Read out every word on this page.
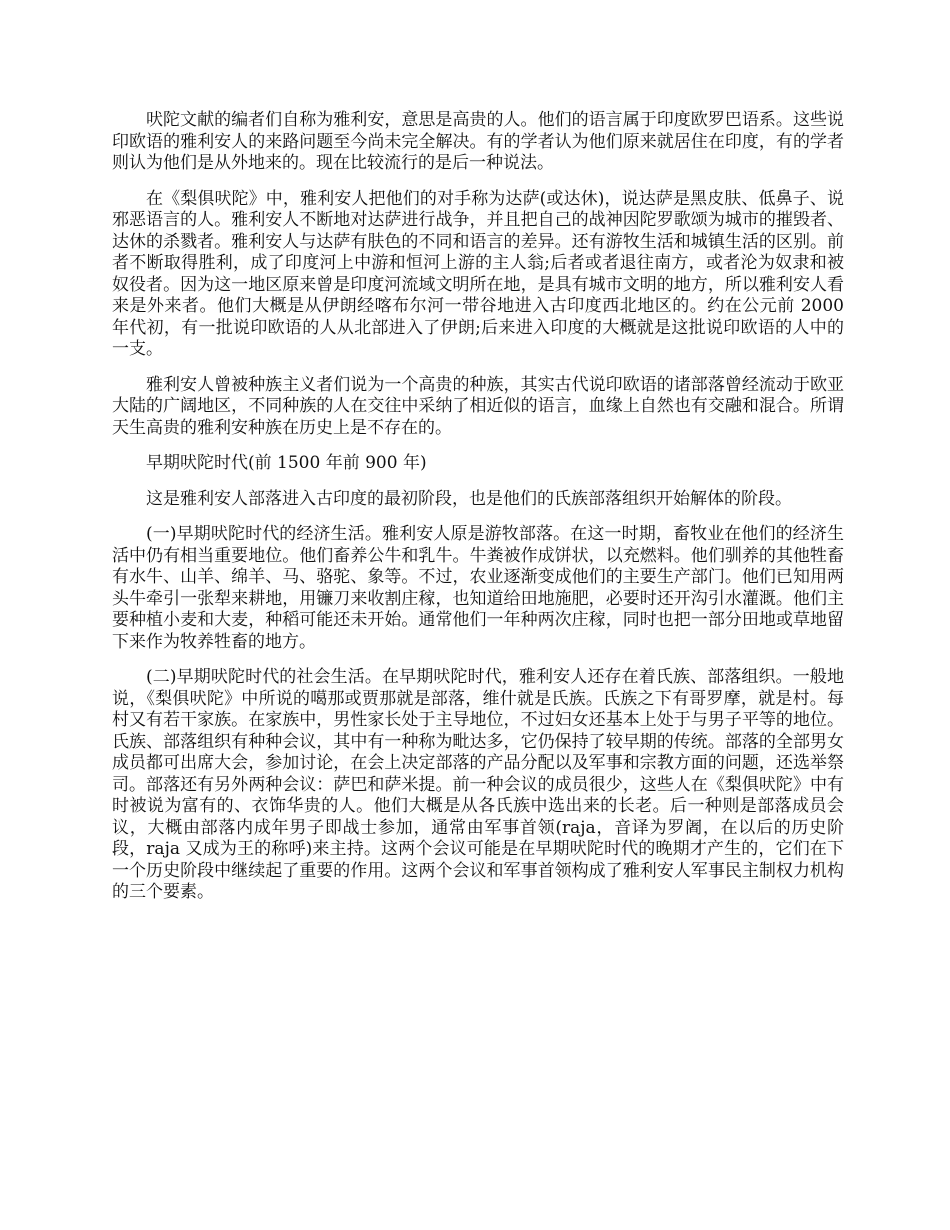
吠陀文献的编者们自称为雅利安，意思是高贵的人。他们的语言属于印度欧罗巴语系。这些说印欧语的雅利安人的来路问题至今尚未完全解决。有的学者认为他们原来就居住在印度，有的学者则认为他们是从外地来的。现在比较流行的是后一种说法。

在《梨俱吠陀》中，雅利安人把他们的对手称为达萨(或达休)，说达萨是黑皮肤、低鼻子、说邪恶语言的人。雅利安人不断地对达萨进行战争，并且把自己的战神因陀罗歌颂为城市的摧毁者、达休的杀戮者。雅利安人与达萨有肤色的不同和语言的差异。还有游牧生活和城镇生活的区别。前者不断取得胜利，成了印度河上中游和恒河上游的主人翁;后者或者退往南方，或者沦为奴隶和被奴役者。因为这一地区原来曾是印度河流域文明所在地，是具有城市文明的地方，所以雅利安人看来是外来者。他们大概是从伊朗经喀布尔河一带谷地进入古印度西北地区的。约在公元前 2000 年代初，有一批说印欧语的人从北部进入了伊朗;后来进入印度的大概就是这批说印欧语的人中的一支。

雅利安人曾被种族主义者们说为一个高贵的种族，其实古代说印欧语的诸部落曾经流动于欧亚大陆的广阔地区，不同种族的人在交往中采纳了相近似的语言，血缘上自然也有交融和混合。所谓天生高贵的雅利安种族在历史上是不存在的。

早期吠陀时代(前 1500 年前 900 年)

这是雅利安人部落进入古印度的最初阶段，也是他们的氏族部落组织开始解体的阶段。

(一)早期吠陀时代的经济生活。雅利安人原是游牧部落。在这一时期，畜牧业在他们的经济生活中仍有相当重要地位。他们畜养公牛和乳牛。牛粪被作成饼状，以充燃料。他们驯养的其他牲畜有水牛、山羊、绵羊、马、骆驼、象等。不过，农业逐渐变成他们的主要生产部门。他们已知用两头牛牵引一张犁来耕地，用镰刀来收割庄稼，也知道给田地施肥，必要时还开沟引水灌溉。他们主要种植小麦和大麦，种稻可能还未开始。通常他们一年种两次庄稼，同时也把一部分田地或草地留下来作为牧养牲畜的地方。

(二)早期吠陀时代的社会生活。在早期吠陀时代，雅利安人还存在着氏族、部落组织。一般地说，《梨俱吠陀》中所说的噶那或贾那就是部落，维什就是氏族。氏族之下有哥罗摩，就是村。每村又有若干家族。在家族中，男性家长处于主导地位，不过妇女还基本上处于与男子平等的地位。氏族、部落组织有种种会议，其中有一种称为毗达多，它仍保持了较早期的传统。部落的全部男女成员都可出席大会，参加讨论，在会上决定部落的产品分配以及军事和宗教方面的问题，还选举祭司。部落还有另外两种会议：萨巴和萨米提。前一种会议的成员很少，这些人在《梨俱吠陀》中有时被说为富有的、衣饰华贵的人。他们大概是从各氏族中选出来的长老。后一种则是部落成员会议，大概由部落内成年男子即战士参加，通常由军事首领(raja，音译为罗阇，在以后的历史阶段，raja 又成为王的称呼)来主持。这两个会议可能是在早期吠陀时代的晚期才产生的，它们在下一个历史阶段中继续起了重要的作用。这两个会议和军事首领构成了雅利安人军事民主制权力机构的三个要素。
